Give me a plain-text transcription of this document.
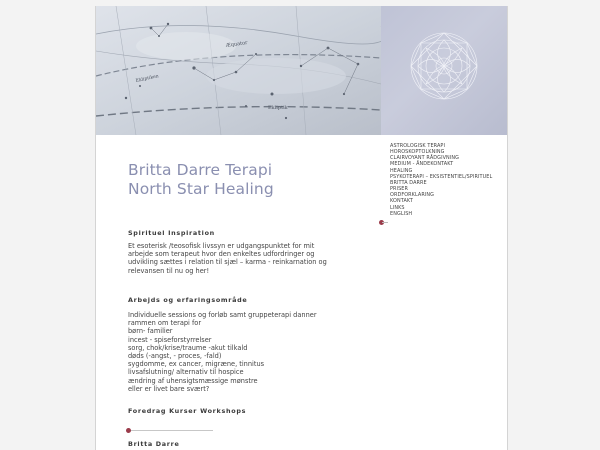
Æquator
Ekliptik
Ekliptiken
Britta Darre Terapi
North Star Healing
Spirituel Inspiration
Et esoterisk /teosofisk livssyn er udgangspunktet for mit
arbejde som terapeut hvor den enkeltes udfordringer og
udvikling sættes i relation til sjæl – karma - reinkarnation og
relevansen til nu og her!
Arbejds og erfaringsområde
Individuelle sessions og forløb samt gruppeterapi danner
rammen om terapi for
børn- familier
incest - spiseforstyrrelser
sorg, chok/krise/traume -akut tilkald
døds (-angst, - proces, -fald)
sygdomme, ex cancer, migræne, tinnitus
livsafslutning/ alternativ til hospice
ændring af uhensigtsmæssige mønstre
eller er livet bare svært?
Foredrag Kurser Workshops
Britta Darre
ASTROLOGISK TERAPI
HOROSKOPTOLKNING
CLAIRVOYANT RÅDGIVNING
MEDIUM - ÅNDEKONTAKT
HEALING
PSYKOTERAPI – EKSISTENTIEL/SPIRITUEL
BRITTA DARRE
PRISER
ORDFORKLARING
KONTAKT
LINKS
ENGLISH
